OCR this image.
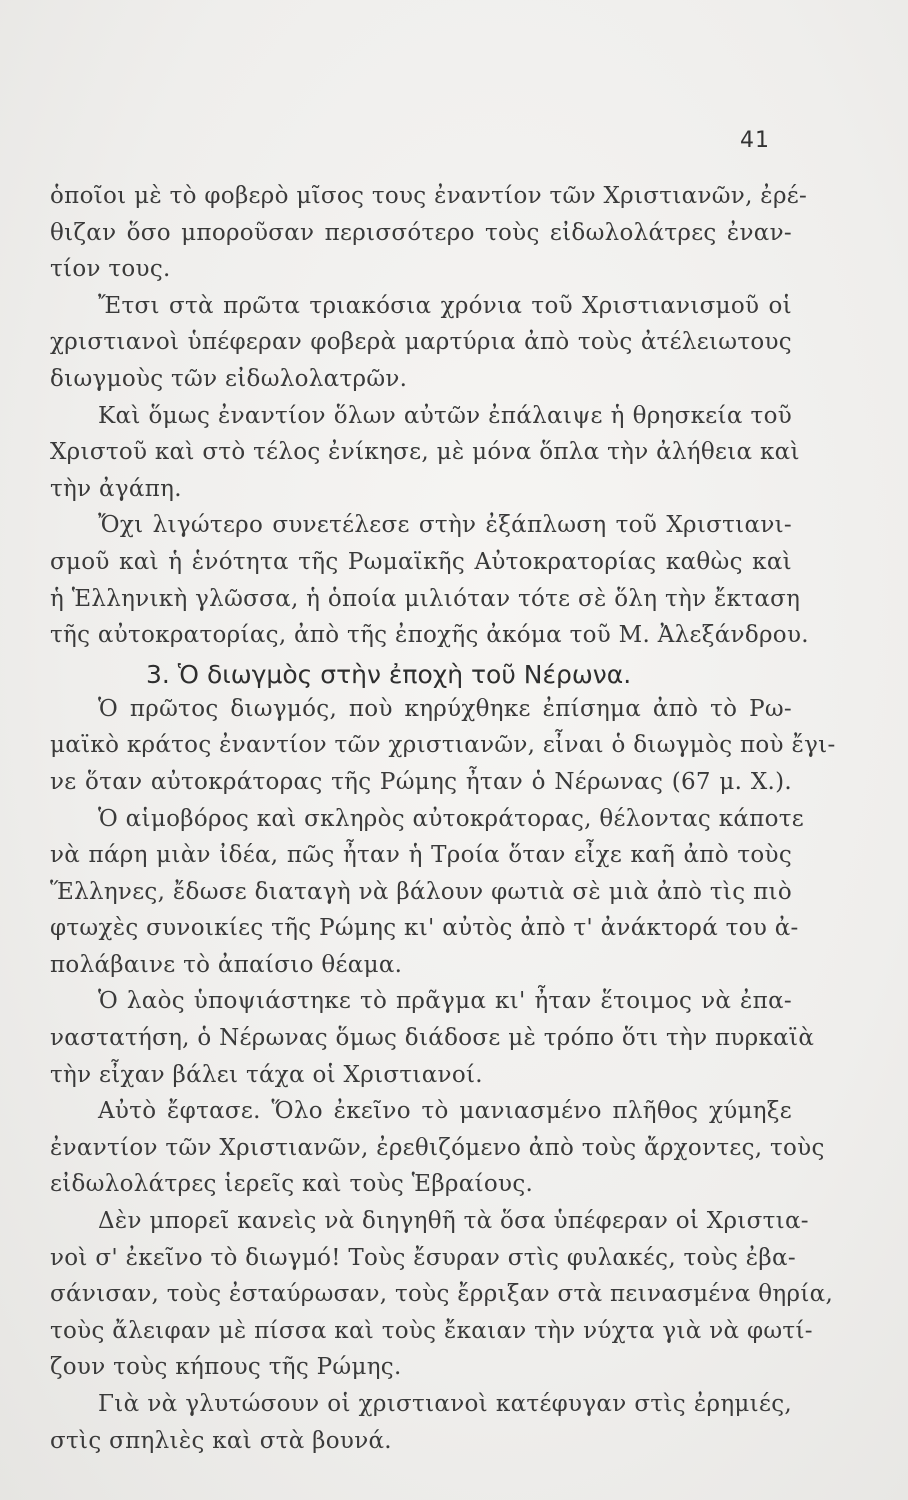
41
ὁποῖοι μὲ τὸ φοβερὸ μῖσος τους ἐναντίον τῶν Χριστιανῶν, ἐρέ-
θιζαν ὅσο μποροῦσαν περισσότερο τοὺς εἰδωλολάτρες ἐναν-
τίον τους.
Ἔτσι στὰ πρῶτα τριακόσια χρόνια τοῦ Χριστιανισμοῦ οἱ
χριστιανοὶ ὑπέφεραν φοβερὰ μαρτύρια ἀπὸ τοὺς ἀτέλειωτους
διωγμοὺς τῶν εἰδωλολατρῶν.
Καὶ ὅμως ἐναντίον ὅλων αὐτῶν ἐπάλαιψε ἡ θρησκεία τοῦ
Χριστοῦ καὶ στὸ τέλος ἐνίκησε, μὲ μόνα ὅπλα τὴν ἀλήθεια καὶ
τὴν ἀγάπη.
Ὄχι λιγώτερο συνετέλεσε στὴν ἐξάπλωση τοῦ Χριστιανι-
σμοῦ καὶ ἡ ἑνότητα τῆς Ρωμαϊκῆς Αὐτοκρατορίας καθὼς καὶ
ἡ Ἑλληνικὴ γλῶσσα, ἡ ὁποία μιλιόταν τότε σὲ ὅλη τὴν ἔκταση
τῆς αὐτοκρατορίας, ἀπὸ τῆς ἐποχῆς ἀκόμα τοῦ Μ. Ἀλεξάνδρου.
3. Ὁ διωγμὸς στὴν ἐποχὴ τοῦ Νέρωνα.
Ὁ πρῶτος διωγμός, ποὺ κηρύχθηκε ἐπίσημα ἀπὸ τὸ Ρω-
μαϊκὸ κράτος ἐναντίον τῶν χριστιανῶν, εἶναι ὁ διωγμὸς ποὺ ἔγι-
νε ὅταν αὐτοκράτορας τῆς Ρώμης ἦταν ὁ Νέρωνας (67 μ. Χ.).
Ὁ αἱμοβόρος καὶ σκληρὸς αὐτοκράτορας, θέλοντας κάποτε
νὰ πάρη μιὰν ἰδέα, πῶς ἦταν ἡ Τροία ὅταν εἶχε καῆ ἀπὸ τοὺς
Ἕλληνες, ἔδωσε διαταγὴ νὰ βάλουν φωτιὰ σὲ μιὰ ἀπὸ τὶς πιὸ
φτωχὲς συνοικίες τῆς Ρώμης κι' αὐτὸς ἀπὸ τ' ἀνάκτορά του ἀ-
πολάβαινε τὸ ἀπαίσιο θέαμα.
Ὁ λαὸς ὑποψιάστηκε τὸ πρᾶγμα κι' ἦταν ἕτοιμος νὰ ἐπα-
ναστατήση, ὁ Νέρωνας ὅμως διάδοσε μὲ τρόπο ὅτι τὴν πυρκαϊὰ
τὴν εἶχαν βάλει τάχα οἱ Χριστιανοί.
Αὐτὸ ἔφτασε. Ὅλο ἐκεῖνο τὸ μανιασμένο πλῆθος χύμηξε
ἐναντίον τῶν Χριστιανῶν, ἐρεθιζόμενο ἀπὸ τοὺς ἄρχοντες, τοὺς
εἰδωλολάτρες ἱερεῖς καὶ τοὺς Ἑβραίους.
Δὲν μπορεῖ κανεὶς νὰ διηγηθῆ τὰ ὅσα ὑπέφεραν οἱ Χριστια-
νοὶ σ' ἐκεῖνο τὸ διωγμό! Τοὺς ἔσυραν στὶς φυλακές, τοὺς ἐβα-
σάνισαν, τοὺς ἐσταύρωσαν, τοὺς ἔρριξαν στὰ πεινασμένα θηρία,
τοὺς ἄλειφαν μὲ πίσσα καὶ τοὺς ἔκαιαν τὴν νύχτα γιὰ νὰ φωτί-
ζουν τοὺς κήπους τῆς Ρώμης.
Γιὰ νὰ γλυτώσουν οἱ χριστιανοὶ κατέφυγαν στὶς ἐρημιές,
στὶς σπηλιὲς καὶ στὰ βουνά.
